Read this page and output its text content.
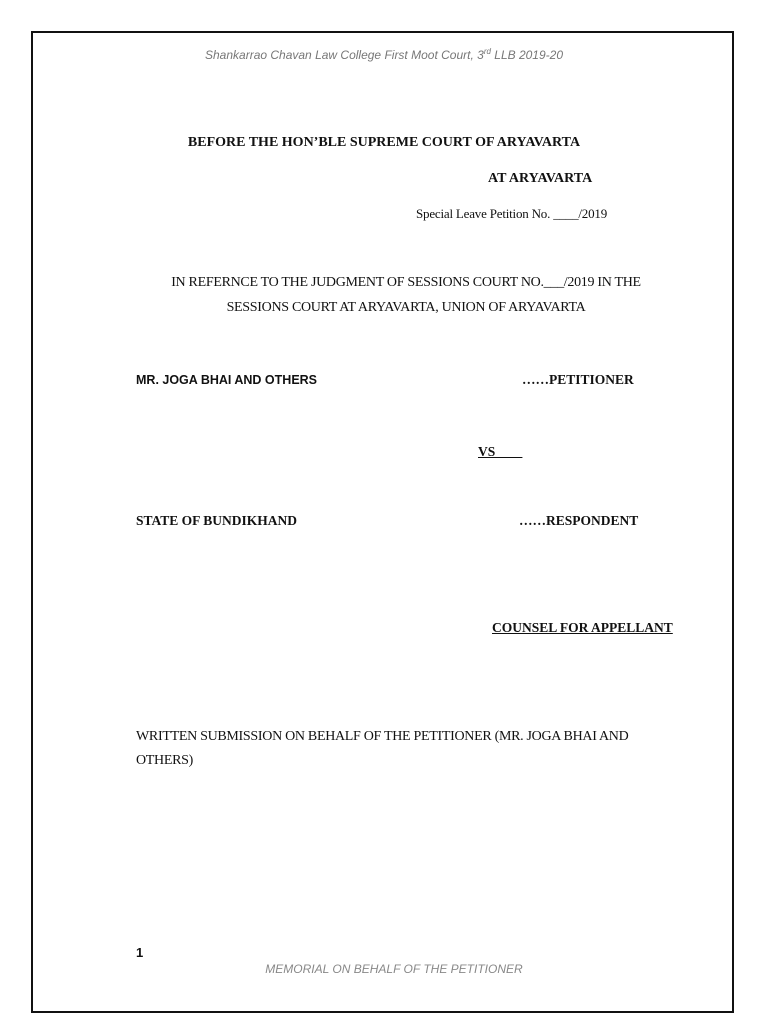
Shankarrao Chavan Law College First Moot Court, 3rd LLB 2019-20
BEFORE THE HON’BLE SUPREME COURT OF ARYAVARTA
AT ARYAVARTA
Special Leave Petition No. ____/2019
IN REFERNCE TO THE JUDGMENT OF SESSIONS COURT NO.___/2019 IN THE
SESSIONS COURT AT ARYAVARTA, UNION OF ARYAVARTA
MR. JOGA BHAI AND OTHERS	……PETITIONER
VS____
STATE OF BUNDIKHAND	……RESPONDENT
COUNSEL FOR APPELLANT
WRITTEN SUBMISSION ON BEHALF OF THE PETITIONER (MR. JOGA BHAI AND OTHERS)
1
MEMORIAL ON BEHALF OF THE PETITIONER
